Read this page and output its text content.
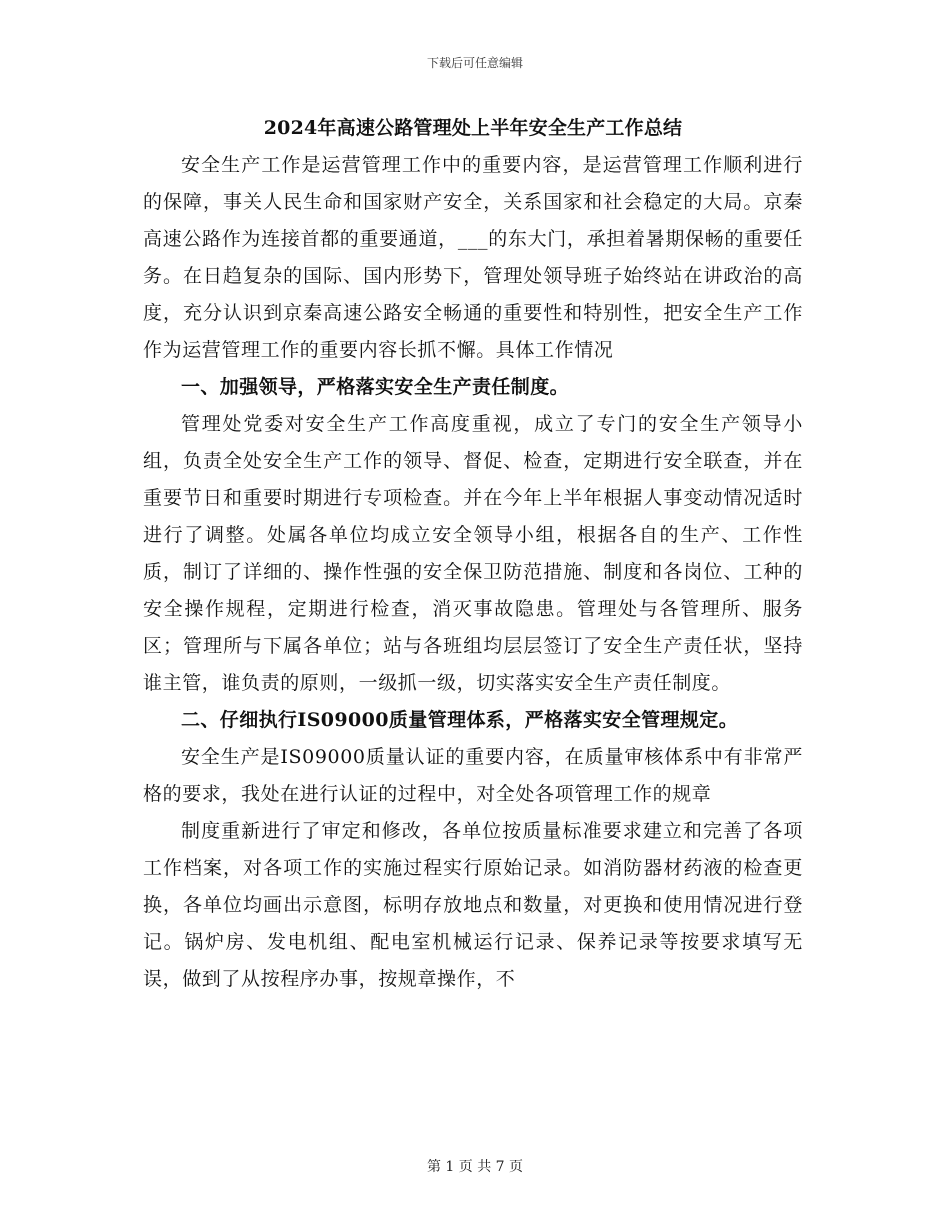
下载后可任意编辑
2024年高速公路管理处上半年安全生产工作总结

安全生产工作是运营管理工作中的重要内容，是运营管理工作顺利进行的保障，事关人民生命和国家财产安全，关系国家和社会稳定的大局。京秦高速公路作为连接首都的重要通道，___的东大门，承担着暑期保畅的重要任务。在日趋复杂的国际、国内形势下，管理处领导班子始终站在讲政治的高度，充分认识到京秦高速公路安全畅通的重要性和特别性，把安全生产工作作为运营管理工作的重要内容长抓不懈。具体工作情况

一、加强领导，严格落实安全生产责任制度。

管理处党委对安全生产工作高度重视，成立了专门的安全生产领导小组，负责全处安全生产工作的领导、督促、检查，定期进行安全联查，并在重要节日和重要时期进行专项检查。并在今年上半年根据人事变动情况适时进行了调整。处属各单位均成立安全领导小组，根据各自的生产、工作性质，制订了详细的、操作性强的安全保卫防范措施、制度和各岗位、工种的安全操作规程，定期进行检查，消灭事故隐患。管理处与各管理所、服务区；管理所与下属各单位；站与各班组均层层签订了安全生产责任状，坚持谁主管，谁负责的原则，一级抓一级，切实落实安全生产责任制度。

二、仔细执行IS09000质量管理体系，严格落实安全管理规定。

安全生产是IS09000质量认证的重要内容，在质量审核体系中有非常严格的要求，我处在进行认证的过程中，对全处各项管理工作的规章

制度重新进行了审定和修改，各单位按质量标准要求建立和完善了各项工作档案，对各项工作的实施过程实行原始记录。如消防器材药液的检查更换，各单位均画出示意图，标明存放地点和数量，对更换和使用情况进行登记。锅炉房、发电机组、配电室机械运行记录、保养记录等按要求填写无误，做到了从按程序办事，按规章操作，不

第 1 页 共 7 页
